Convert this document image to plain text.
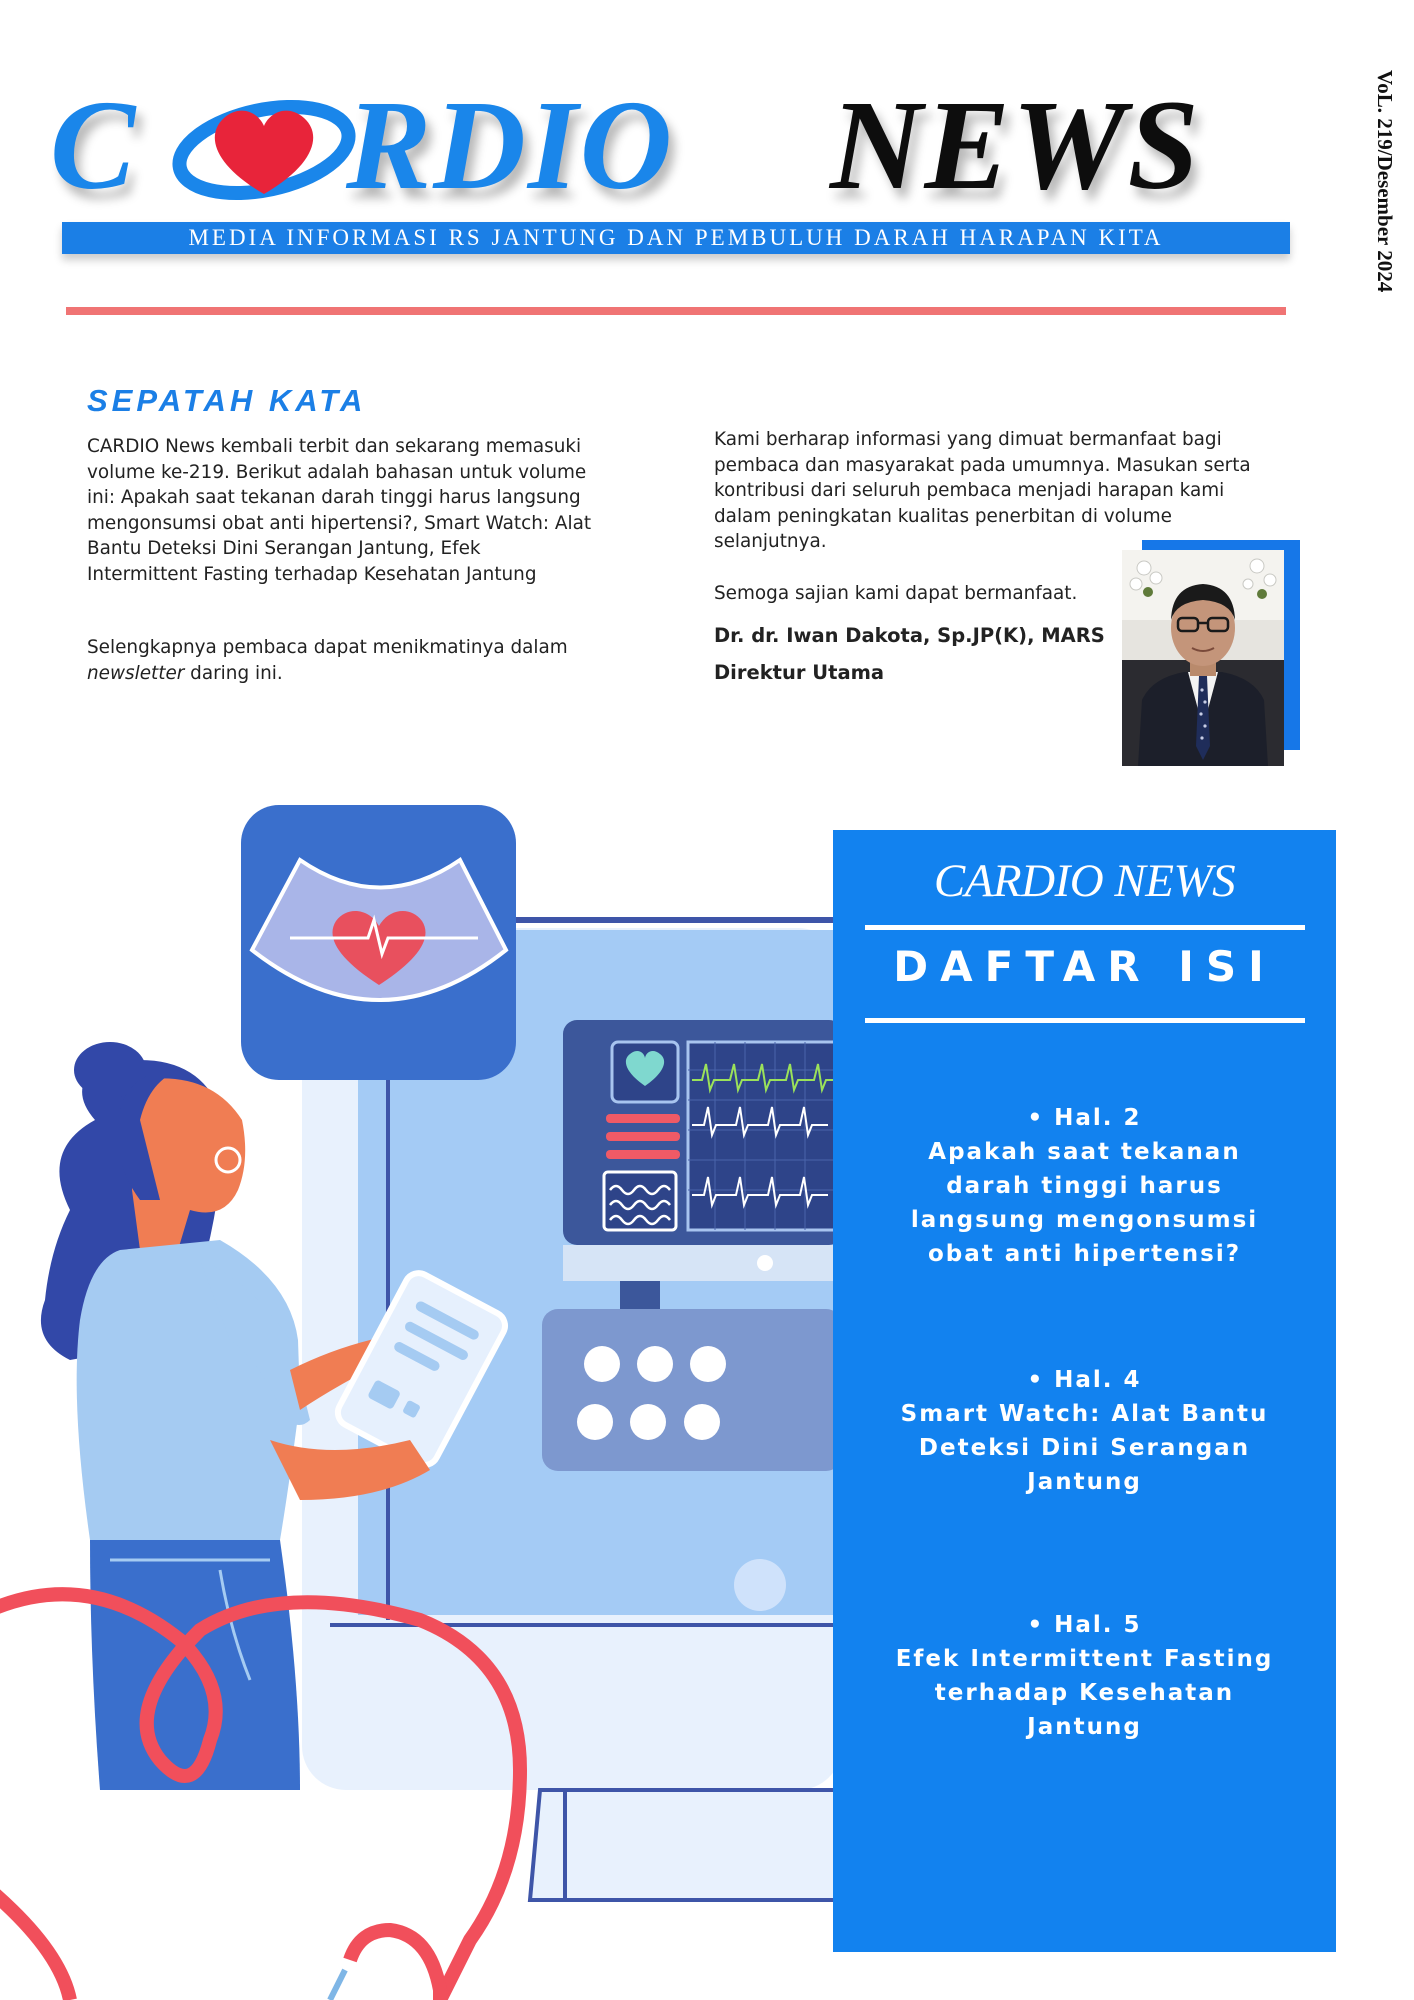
C RDIO NEWS
MEDIA INFORMASI RS JANTUNG DAN PEMBULUH DARAH HARAPAN KITA	VoL. 219/Desember 2024
SEPATAH KATA
CARDIO News kembali terbit dan sekarang memasuki volume ke-219. Berikut adalah bahasan untuk volume ini: Apakah saat tekanan darah tinggi harus langsung mengonsumsi obat anti hipertensi?, Smart Watch: Alat Bantu Deteksi Dini Serangan Jantung, Efek Intermittent Fasting terhadap Kesehatan Jantung
Selengkapnya pembaca dapat menikmatinya dalam newsletter daring ini.
Kami berharap informasi yang dimuat bermanfaat bagi pembaca dan masyarakat pada umumnya. Masukan serta kontribusi dari seluruh pembaca menjadi harapan kami dalam peningkatan kualitas penerbitan di volume selanjutnya.
Semoga sajian kami dapat bermanfaat.
Dr. dr. Iwan Dakota, Sp.JP(K), MARS
Direktur Utama
CARDIO NEWS
DAFTAR ISI
• Hal. 2
Apakah saat tekanan darah tinggi harus langsung mengonsumsi obat anti hipertensi?
• Hal. 4
Smart Watch: Alat Bantu Deteksi Dini Serangan Jantung
• Hal. 5
Efek Intermittent Fasting terhadap Kesehatan Jantung
